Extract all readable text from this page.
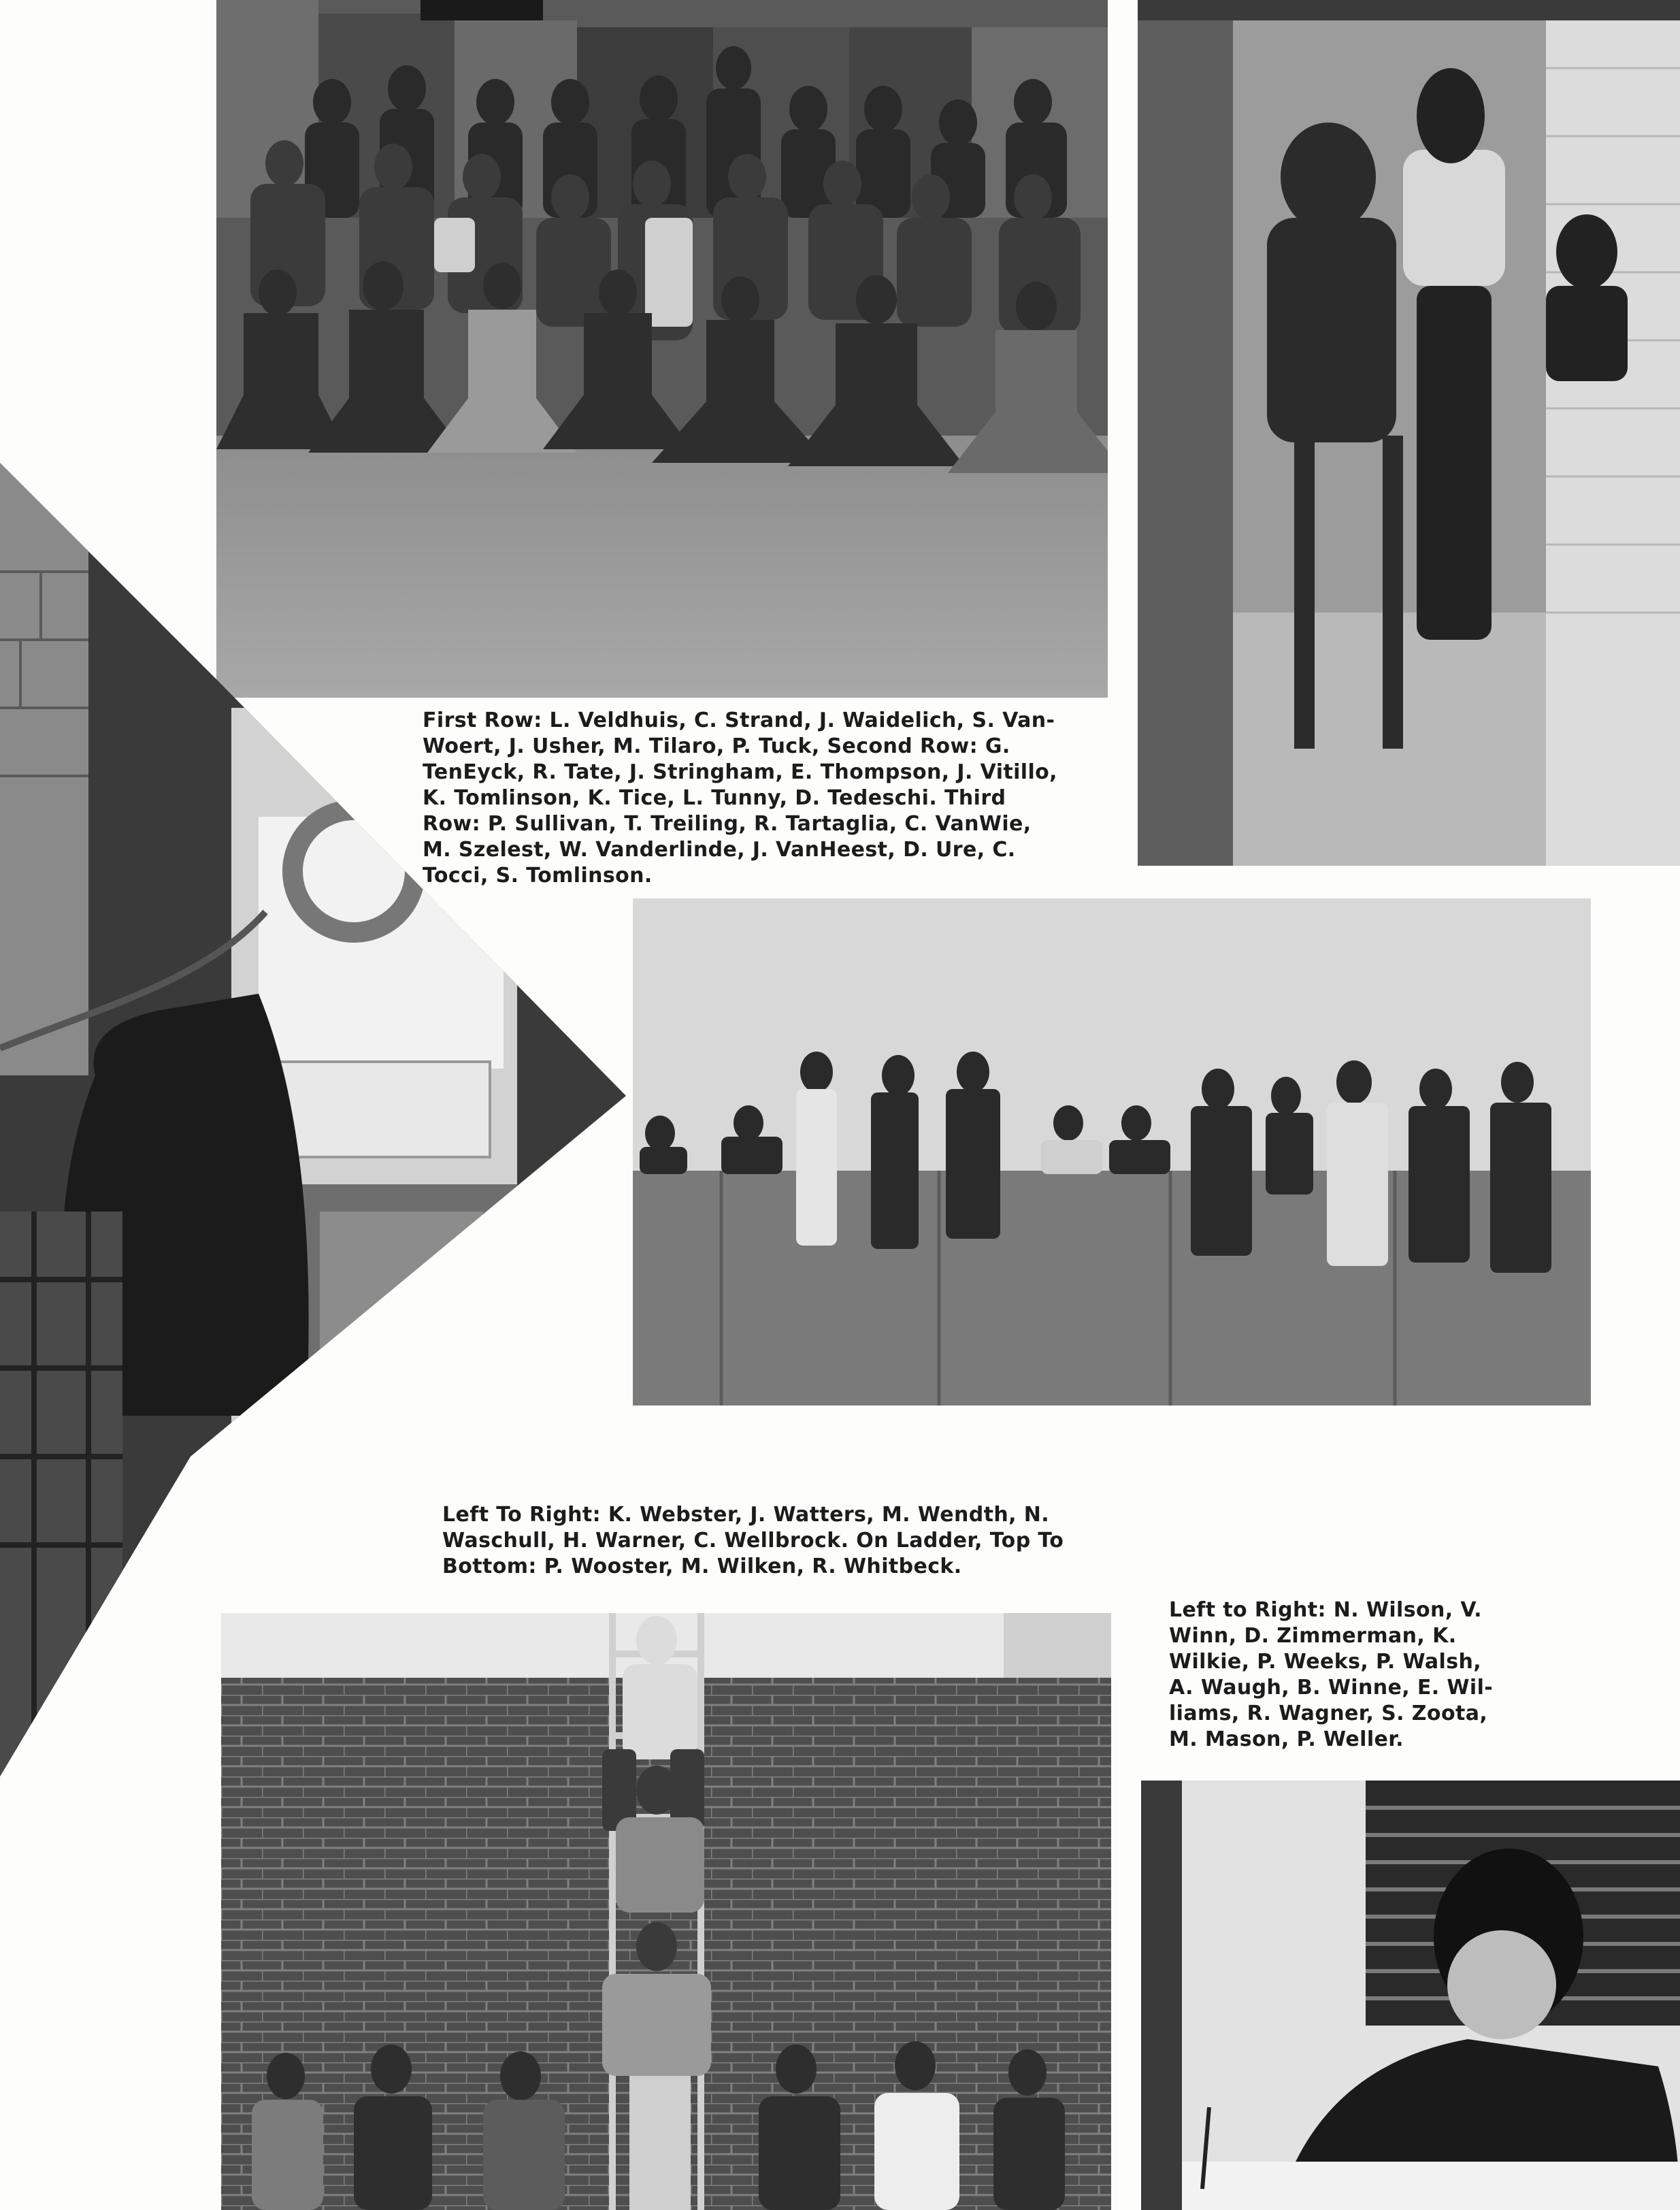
First Row: L. Veldhuis, C. Strand, J. Waidelich, S. Van-
Woert, J. Usher, M. Tilaro, P. Tuck, Second Row: G.
TenEyck, R. Tate, J. Stringham, E. Thompson, J. Vitillo,
K. Tomlinson, K. Tice, L. Tunny, D. Tedeschi. Third
Row: P. Sullivan, T. Treiling, R. Tartaglia, C. VanWie,
M. Szelest, W. Vanderlinde, J. VanHeest, D. Ure, C.
Tocci, S. Tomlinson.

Left To Right: K. Webster, J. Watters, M. Wendth, N.
Waschull, H. Warner, C. Wellbrock. On Ladder, Top To
Bottom: P. Wooster, M. Wilken, R. Whitbeck.

Left to Right: N. Wilson, V.
Winn, D. Zimmerman, K.
Wilkie, P. Weeks, P. Walsh,
A. Waugh, B. Winne, E. Wil-
liams, R. Wagner, S. Zoota,
M. Mason, P. Weller.
